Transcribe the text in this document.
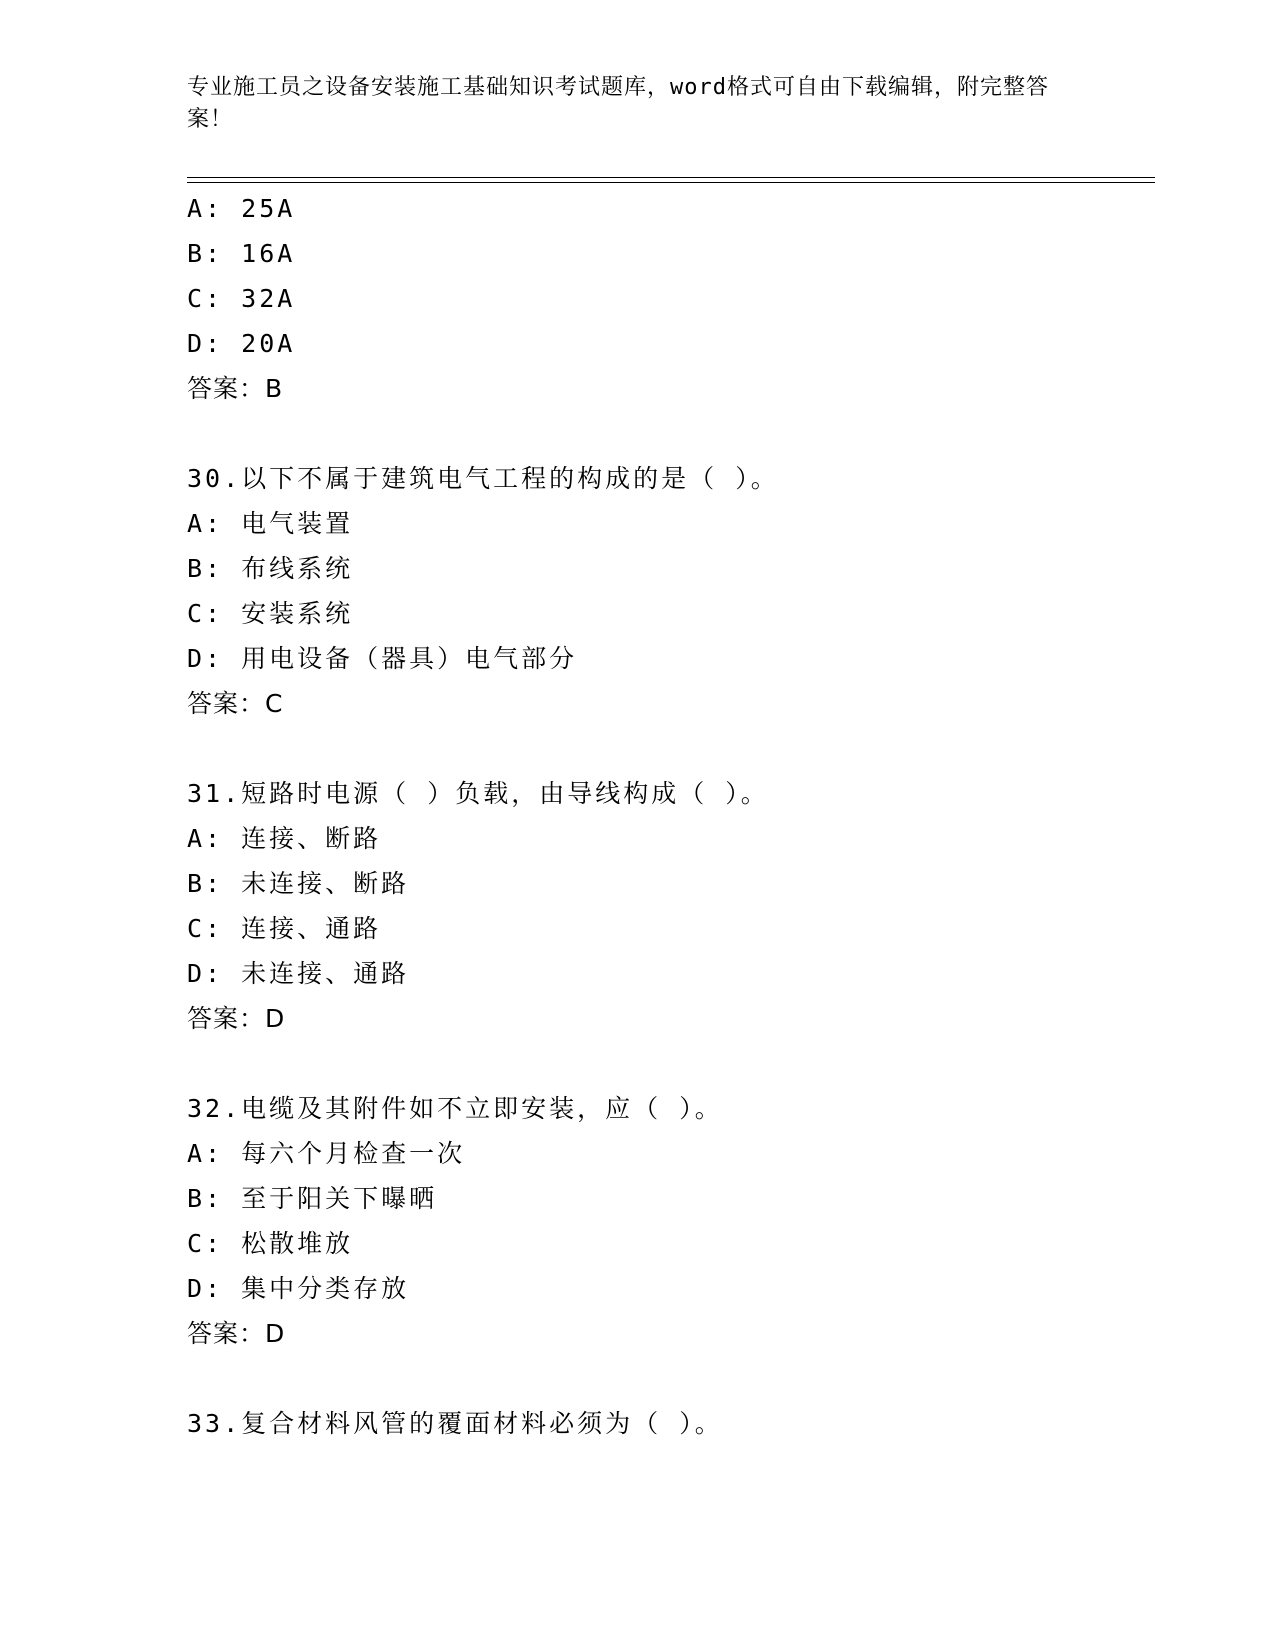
专业施工员之设备安装施工基础知识考试题库，word格式可自由下载编辑，附完整答案！
A: 25A
B: 16A
C: 32A
D: 20A
答案：B
30.以下不属于建筑电气工程的构成的是（ ）。
A: 电气装置
B: 布线系统
C: 安装系统
D: 用电设备（器具）电气部分
答案：C
31.短路时电源（ ）负载，由导线构成（ ）。
A: 连接、断路
B: 未连接、断路
C: 连接、通路
D: 未连接、通路
答案：D
32.电缆及其附件如不立即安装，应（ ）。
A: 每六个月检查一次
B: 至于阳关下曝晒
C: 松散堆放
D: 集中分类存放
答案：D
33.复合材料风管的覆面材料必须为（ ）。
